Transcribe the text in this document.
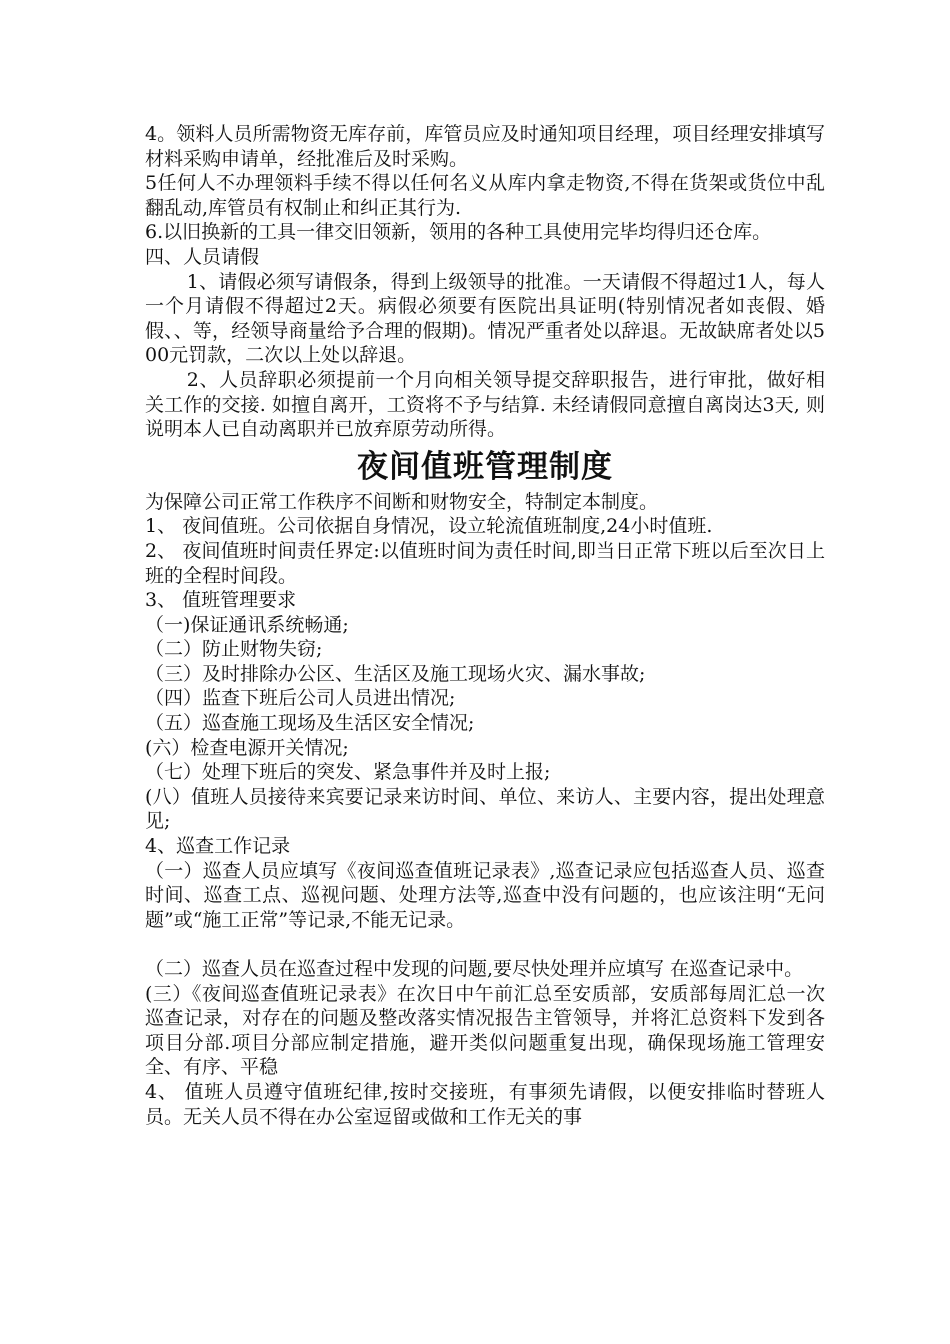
4。领料人员所需物资无库存前，库管员应及时通知项目经理，项目经理安排填写材料采购申请单，经批准后及时采购。

5任何人不办理领料手续不得以任何名义从库内拿走物资,不得在货架或货位中乱翻乱动,库管员有权制止和纠正其行为.

6.以旧换新的工具一律交旧领新，领用的各种工具使用完毕均得归还仓库。

四、人员请假

1、请假必须写请假条，得到上级领导的批准。一天请假不得超过1人，每人一个月请假不得超过2天。病假必须要有医院出具证明(特别情况者如丧假、婚假、、等，经领导商量给予合理的假期)。情况严重者处以辞退。无故缺席者处以500元罚款，二次以上处以辞退。

2、人员辞职必须提前一个月向相关领导提交辞职报告，进行审批，做好相关工作的交接. 如擅自离开，工资将不予与结算. 未经请假同意擅自离岗达3天, 则说明本人已自动离职并已放弃原劳动所得。

夜间值班管理制度

为保障公司正常工作秩序不间断和财物安全，特制定本制度。

1、 夜间值班。公司依据自身情况，设立轮流值班制度,24小时值班.

2、 夜间值班时间责任界定:以值班时间为责任时间,即当日正常下班以后至次日上班的全程时间段。

3、 值班管理要求

（一)保证通讯系统畅通;

（二）防止财物失窃;

（三）及时排除办公区、生活区及施工现场火灾、漏水事故;

（四）监查下班后公司人员进出情况;

（五）巡查施工现场及生活区安全情况;

(六）检查电源开关情况;

（七）处理下班后的突发、紧急事件并及时上报;

(八）值班人员接待来宾要记录来访时间、单位、来访人、主要内容，提出处理意见;

4、巡查工作记录

（一）巡查人员应填写《夜间巡查值班记录表》,巡查记录应包括巡查人员、巡查时间、巡查工点、巡视问题、处理方法等,巡查中没有问题的，也应该注明“无问题”或“施工正常”等记录,不能无记录。

（二）巡查人员在巡查过程中发现的问题,要尽快处理并应填写 在巡查记录中。

(三）《夜间巡查值班记录表》在次日中午前汇总至安质部，安质部每周汇总一次巡查记录，对存在的问题及整改落实情况报告主管领导，并将汇总资料下发到各项目分部.项目分部应制定措施，避开类似问题重复出现，确保现场施工管理安全、有序、平稳

4、 值班人员遵守值班纪律,按时交接班，有事须先请假，以便安排临时替班人员。无关人员不得在办公室逗留或做和工作无关的事
